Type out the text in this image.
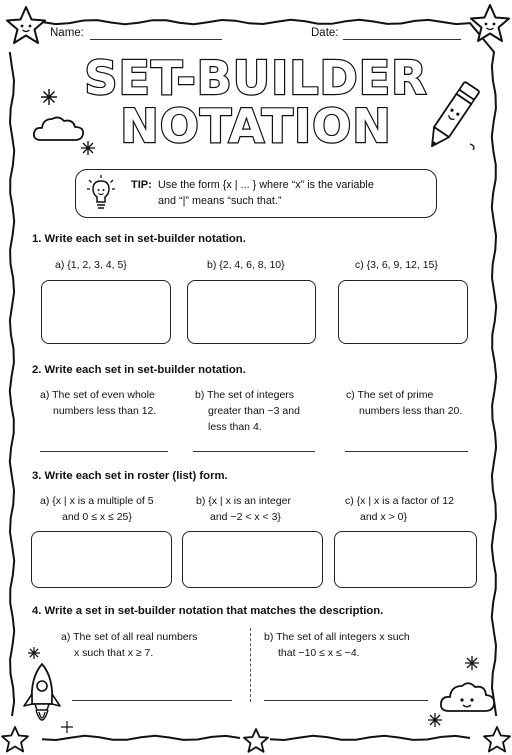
Name:	Date:
SET-BUILDER
NOTATION
TIP: Use the form {x | ... } where “x” is the variable
and “|” means “such that.”
1. Write each set in set-builder notation.
a) {1, 2, 3, 4, 5}	b) {2, 4, 6, 8, 10}	c) {3, 6, 9, 12, 15}
2. Write each set in set-builder notation.
a) The set of even whole
numbers less than 12.
b) The set of integers
greater than −3 and
less than 4.
c) The set of prime
numbers less than 20.
3. Write each set in roster (list) form.
a) {x | x is a multiple of 5
and 0 ≤ x ≤ 25}
b) {x | x is an integer
and −2 < x < 3}
c) {x | x is a factor of 12
and x > 0}
4. Write a set in set-builder notation that matches the description.
a) The set of all real numbers
x such that x ≥ 7.
b) The set of all integers x such
that −10 ≤ x ≤ −4.
